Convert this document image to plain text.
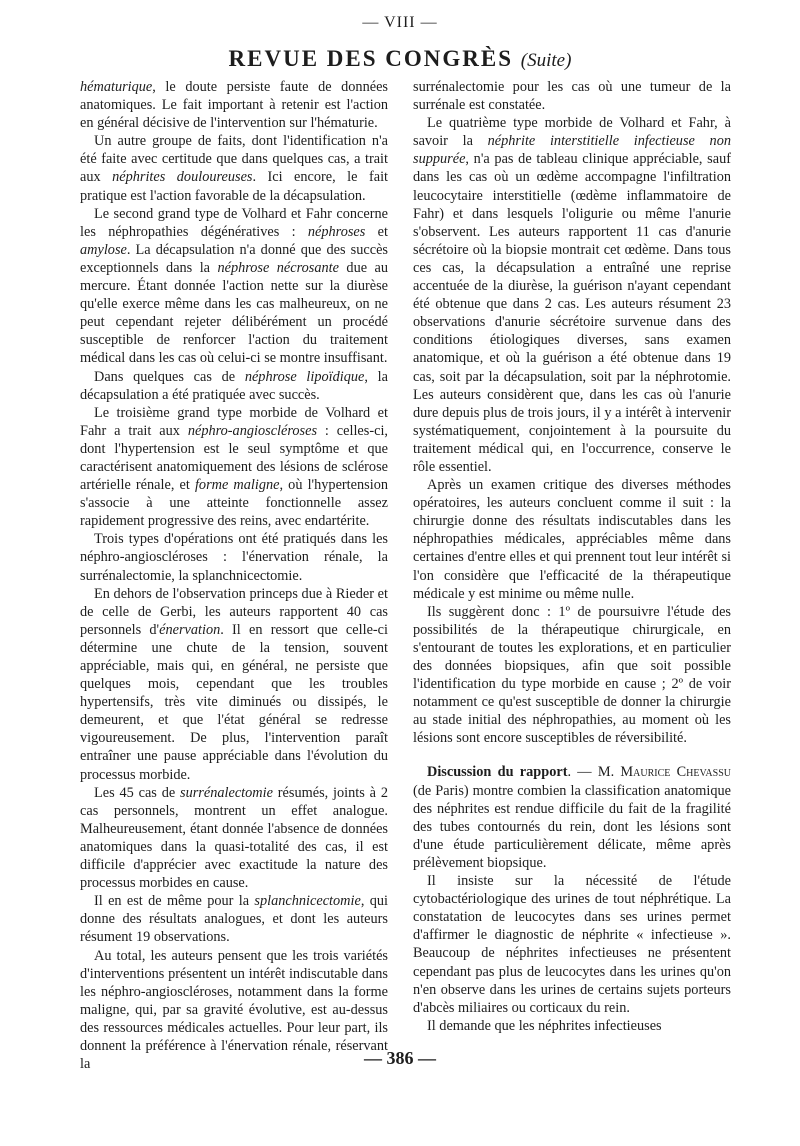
— VIII —
REVUE DES CONGRÈS (Suite)

hématurique, le doute persiste faute de données anatomiques. Le fait important à retenir est l'action en général décisive de l'intervention sur l'hématurie.

Un autre groupe de faits, dont l'identification n'a été faite avec certitude que dans quelques cas, a trait aux néphrites douloureuses. Ici encore, le fait pratique est l'action favorable de la décapsulation.

Le second grand type de Volhard et Fahr concerne les néphropathies dégénératives : néphroses et amylose. La décapsulation n'a donné que des succès exceptionnels dans la néphrose nécrosante due au mercure. Étant donnée l'action nette sur la diurèse qu'elle exerce même dans les cas malheureux, on ne peut cependant rejeter délibérément un procédé susceptible de renforcer l'action du traitement médical dans les cas où celui-ci se montre insuffisant.

Dans quelques cas de néphrose lipoïdique, la décapsulation a été pratiquée avec succès.

Le troisième grand type morbide de Volhard et Fahr a trait aux néphro-angioscléroses : celles-ci, dont l'hypertension est le seul symptôme et que caractérisent anatomiquement des lésions de sclérose artérielle rénale, et forme maligne, où l'hypertension s'associe à une atteinte fonctionnelle assez rapidement progressive des reins, avec endartérite.

Trois types d'opérations ont été pratiqués dans les néphro-angioscléroses : l'énervation rénale, la surrénalectomie, la splanchnicectomie.

En dehors de l'observation princeps due à Rieder et de celle de Gerbi, les auteurs rapportent 40 cas personnels d'énervation. Il en ressort que celle-ci détermine une chute de la tension, souvent appréciable, mais qui, en général, ne persiste que quelques mois, cependant que les troubles hypertensifs, très vite diminués ou dissipés, le demeurent, et que l'état général se redresse vigoureusement. De plus, l'intervention paraît entraîner une pause appréciable dans l'évolution du processus morbide.

Les 45 cas de surrénalectomie résumés, joints à 2 cas personnels, montrent un effet analogue. Malheureusement, étant donnée l'absence de données anatomiques dans la quasi-totalité des cas, il est difficile d'apprécier avec exactitude la nature des processus morbides en cause.

Il en est de même pour la splanchnicectomie, qui donne des résultats analogues, et dont les auteurs résument 19 observations.

Au total, les auteurs pensent que les trois variétés d'interventions présentent un intérêt indiscutable dans les néphro-angioscléroses, notamment dans la forme maligne, qui, par sa gravité évolutive, est au-dessus des ressources médicales actuelles. Pour leur part, ils donnent la préférence à l'énervation rénale, réservant la

surrénalectomie pour les cas où une tumeur de la surrénale est constatée.

Le quatrième type morbide de Volhard et Fahr, à savoir la néphrite interstitielle infectieuse non suppurée, n'a pas de tableau clinique appréciable, sauf dans les cas où un œdème accompagne l'infiltration leucocytaire interstitielle (œdème inflammatoire de Fahr) et dans lesquels l'oligurie ou même l'anurie s'observent. Les auteurs rapportent 11 cas d'anurie sécrétoire où la biopsie montrait cet œdème. Dans tous ces cas, la décapsulation a entraîné une reprise accentuée de la diurèse, la guérison n'ayant cependant été obtenue que dans 2 cas. Les auteurs résument 23 observations d'anurie sécrétoire survenue dans des conditions étiologiques diverses, sans examen anatomique, et où la guérison a été obtenue dans 19 cas, soit par la décapsulation, soit par la néphrotomie. Les auteurs considèrent que, dans les cas où l'anurie dure depuis plus de trois jours, il y a intérêt à intervenir systématiquement, conjointement à la poursuite du traitement médical qui, en l'occurrence, conserve le rôle essentiel.

Après un examen critique des diverses méthodes opératoires, les auteurs concluent comme il suit : la chirurgie donne des résultats indiscutables dans les néphropathies médicales, appréciables même dans certaines d'entre elles et qui prennent tout leur intérêt si l'on considère que l'efficacité de la thérapeutique médicale y est minime ou même nulle.

Ils suggèrent donc : 1º de poursuivre l'étude des possibilités de la thérapeutique chirurgicale, en s'entourant de toutes les explorations, et en particulier des données biopsiques, afin que soit possible l'identification du type morbide en cause ; 2º de voir notamment ce qu'est susceptible de donner la chirurgie au stade initial des néphropathies, au moment où les lésions sont encore susceptibles de réversibilité.

Discussion du rapport. — M. Maurice Chevassu (de Paris) montre combien la classification anatomique des néphrites est rendue difficile du fait de la fragilité des tubes contournés du rein, dont les lésions sont d'une étude particulièrement délicate, même après prélèvement biopsique.

Il insiste sur la nécessité de l'étude cytobactériologique des urines de tout néphrétique. La constatation de leucocytes dans ses urines permet d'affirmer le diagnostic de néphrite « infectieuse ». Beaucoup de néphrites infectieuses ne présentent cependant pas plus de leucocytes dans les urines qu'on n'en observe dans les urines de certains sujets porteurs d'abcès miliaires ou corticaux du rein.

Il demande que les néphrites infectieuses

— 386 —
